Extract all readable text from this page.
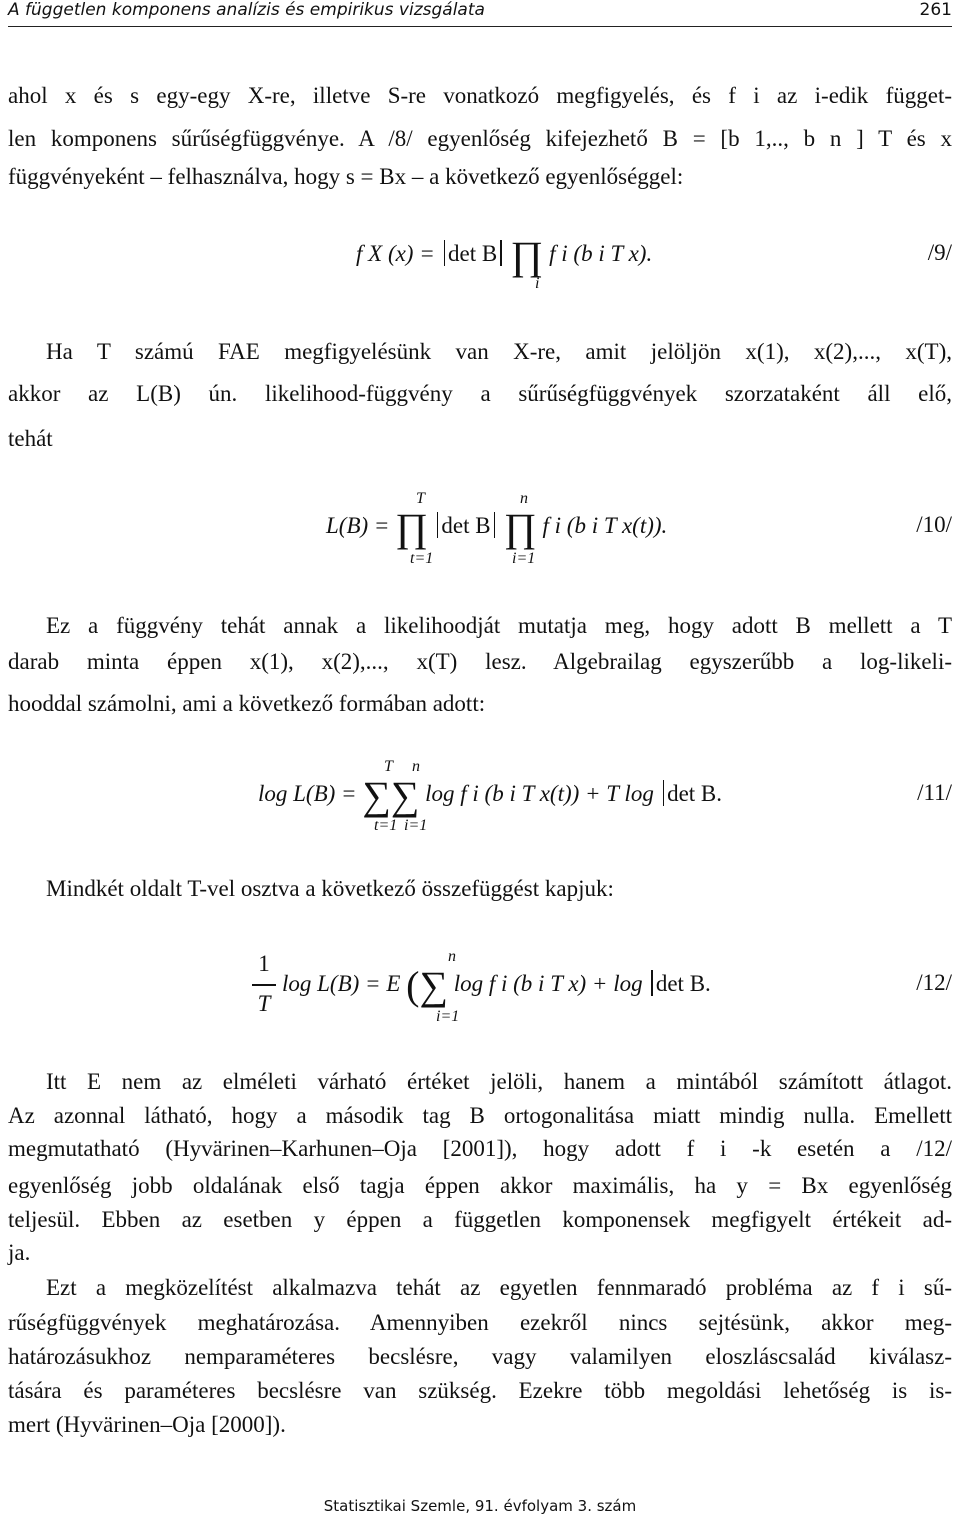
A független komponens analízis és empirikus vizsgálata	261
ahol x és s egy-egy X-re, illetve S-re vonatkozó megfigyelés, és f i az i-edik függet-
len komponens sűrűségfüggvénye. A /8/ egyenlőség kifejezhető B = [b 1,.., b n ] T és x
függvényeként – felhasználva, hogy s = Bx – a következő egyenlőséggel:
f X (x) = det B ∏ f i (b i T x).
i
/9/
Ha T számú FAE megfigyelésünk van X-re, amit jelöljön x(1), x(2),..., x(T),
akkor az L(B) ún. likelihood-függvény a sűrűségfüggvények szorzataként áll elő,
tehát
T	n
L(B) = ∏ det B ∏ f i (b i T x(t)).
t=1	i=1
/10/
Ez a függvény tehát annak a likelihoodját mutatja meg, hogy adott B mellett a T
darab minta éppen x(1), x(2),..., x(T) lesz. Algebrailag egyszerűbb a log-likeli-
hooddal számolni, ami a következő formában adott:
T n
log L(B) = ∑∑ log f i (b i T x(t)) + T log det B.
t=1 i=1
/11/
Mindkét oldalt T-vel osztva a következő összefüggést kapjuk:
1
T
n
log L(B) = E (∑ log f i (b i T x) + log det B.
i=1
/12/
Itt E nem az elméleti várható értéket jelöli, hanem a mintából számított átlagot.
Az azonnal látható, hogy a második tag B ortogonalitása miatt mindig nulla. Emellett
megmutatható (Hyvärinen–Karhunen–Oja [2001]), hogy adott f i -k esetén a /12/
egyenlőség jobb oldalának első tagja éppen akkor maximális, ha y = Bx egyenlőség
teljesül. Ebben az esetben y éppen a független komponensek megfigyelt értékeit ad-
ja.
Ezt a megközelítést alkalmazva tehát az egyetlen fennmaradó probléma az f i sű-
rűségfüggvények meghatározása. Amennyiben ezekről nincs sejtésünk, akkor meg-
határozásukhoz nemparaméteres becslésre, vagy valamilyen eloszláscsalád kiválasz-
tására és paraméteres becslésre van szükség. Ezekre több megoldási lehetőség is is-
mert (Hyvärinen–Oja [2000]).
Statisztikai Szemle, 91. évfolyam 3. szám
